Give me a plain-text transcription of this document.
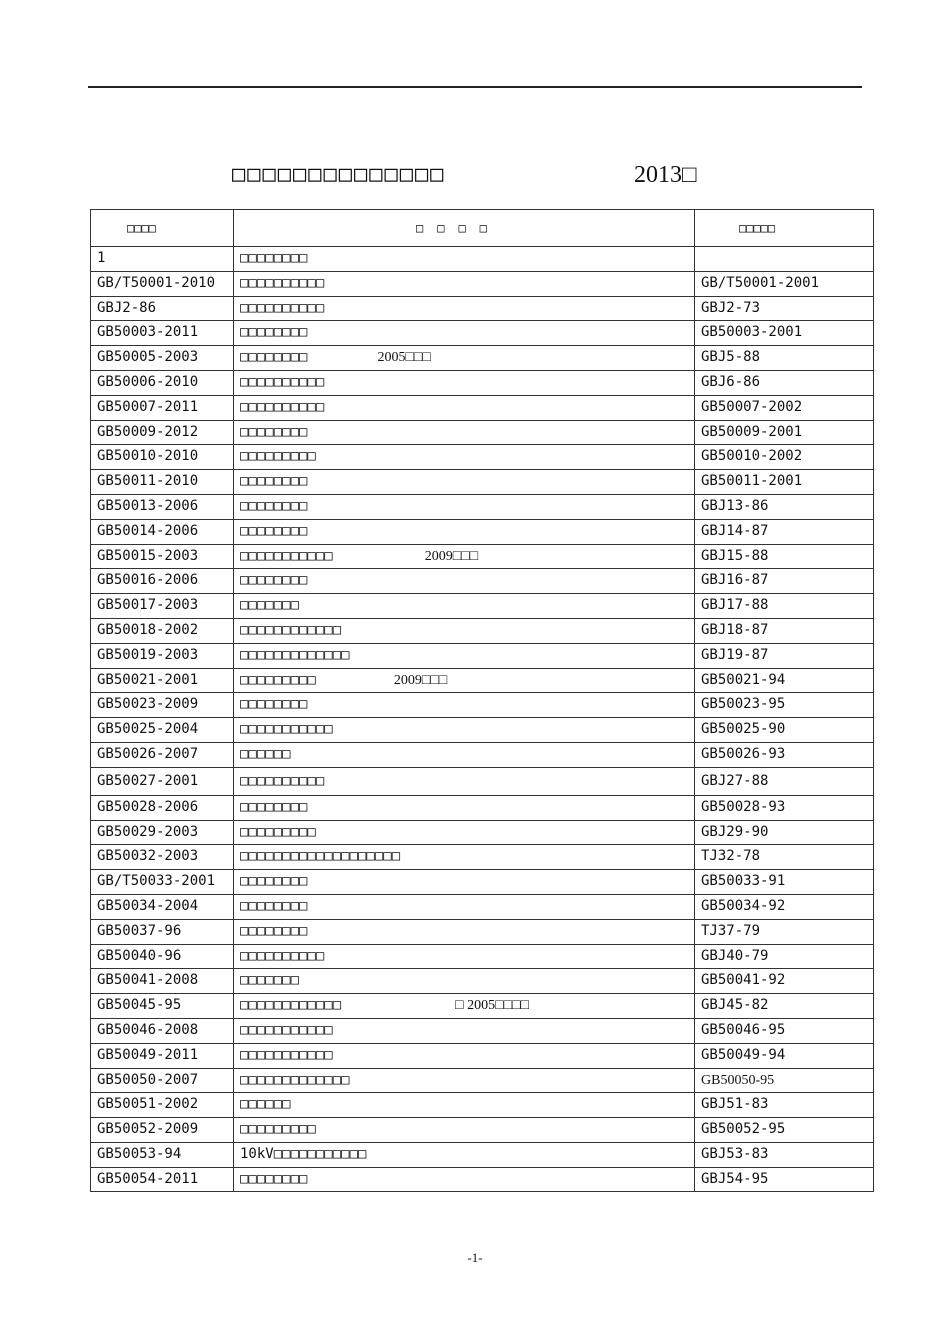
□□□□□□□□□□□□□□	2013□
□□□□	□□□□	□□□□□
1	□□□□□□□□	
GB/T50001-2010	□□□□□□□□□□	GB/T50001-2001
GBJ2-86	□□□□□□□□□□	GBJ2-73
GB50003-2011	□□□□□□□□	GB50003-2001
GB50005-2003	□□□□□□□□ 2005□□□	GBJ5-88
GB50006-2010	□□□□□□□□□□	GBJ6-86
GB50007-2011	□□□□□□□□□□	GB50007-2002
GB50009-2012	□□□□□□□□	GB50009-2001
GB50010-2010	□□□□□□□□□	GB50010-2002
GB50011-2010	□□□□□□□□	GB50011-2001
GB50013-2006	□□□□□□□□	GBJ13-86
GB50014-2006	□□□□□□□□	GBJ14-87
GB50015-2003	□□□□□□□□□□□ 2009□□□	GBJ15-88
GB50016-2006	□□□□□□□□	GBJ16-87
GB50017-2003	□□□□□□□	GBJ17-88
GB50018-2002	□□□□□□□□□□□□	GBJ18-87
GB50019-2003	□□□□□□□□□□□□□	GBJ19-87
GB50021-2001	□□□□□□□□□ 2009□□□	GB50021-94
GB50023-2009	□□□□□□□□	GB50023-95
GB50025-2004	□□□□□□□□□□□	GB50025-90
GB50026-2007	□□□□□□	GB50026-93
GB50027-2001	□□□□□□□□□□	GBJ27-88
GB50028-2006	□□□□□□□□	GB50028-93
GB50029-2003	□□□□□□□□□	GBJ29-90
GB50032-2003	□□□□□□□□□□□□□□□□□□□	TJ32-78
GB/T50033-2001	□□□□□□□□	GB50033-91
GB50034-2004	□□□□□□□□	GB50034-92
GB50037-96	□□□□□□□□	TJ37-79
GB50040-96	□□□□□□□□□□	GBJ40-79
GB50041-2008	□□□□□□□	GB50041-92
GB50045-95	□□□□□□□□□□□□ □ 2005□□□□	GBJ45-82
GB50046-2008	□□□□□□□□□□□	GB50046-95
GB50049-2011	□□□□□□□□□□□	GB50049-94
GB50050-2007	□□□□□□□□□□□□□	GB50050-95
GB50051-2002	□□□□□□	GBJ51-83
GB50052-2009	□□□□□□□□□	GB50052-95
GB50053-94	10kV□□□□□□□□□□□	GBJ53-83
GB50054-2011	□□□□□□□□	GBJ54-95
-1-
